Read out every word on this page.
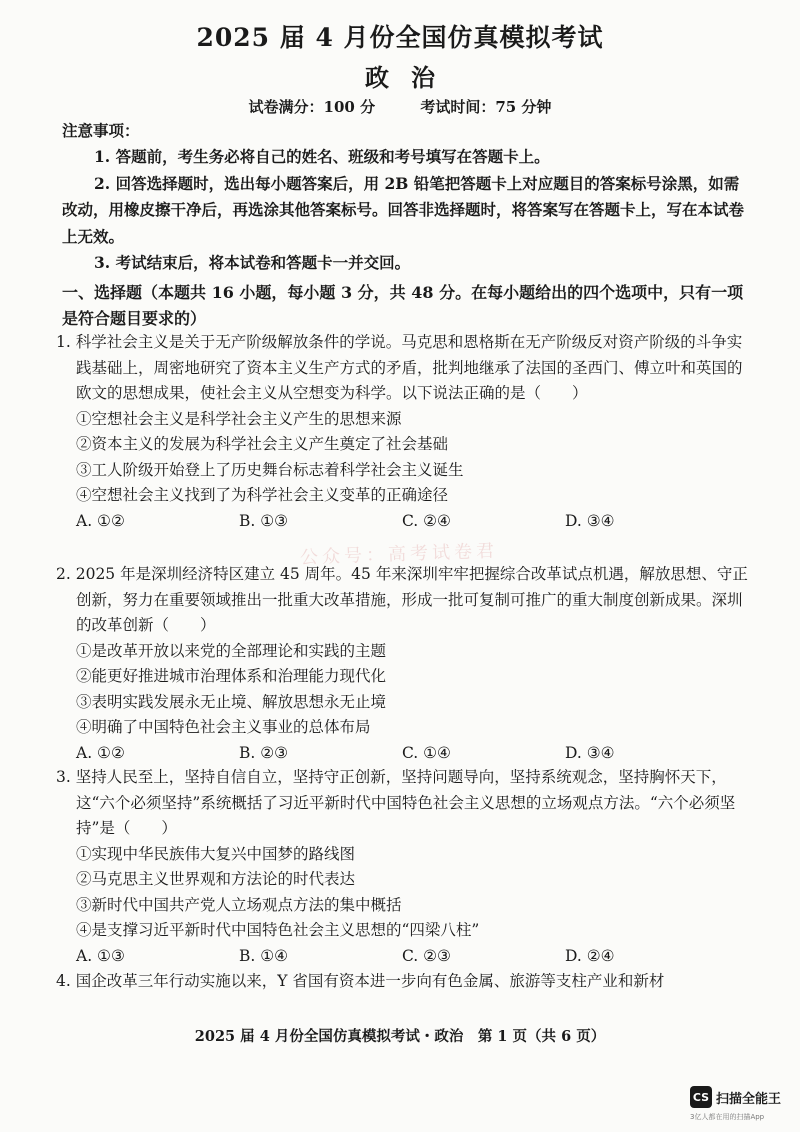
2025 届 4 月份全国仿真模拟考试
政治
试卷满分：100 分	考试时间：75 分钟
注意事项：

1. 答题前，考生务必将自己的姓名、班级和考号填写在答题卡上。

2. 回答选择题时，选出每小题答案后，用 2B 铅笔把答题卡上对应题目的答案标号涂黑，如需改动，用橡皮擦干净后，再选涂其他答案标号。回答非选择题时，将答案写在答题卡上，写在本试卷上无效。

3. 考试结束后，将本试卷和答题卡一并交回。

一、选择题（本题共 16 小题，每小题 3 分，共 48 分。在每小题给出的四个选项中，只有一项是符合题目要求的）

1. 科学社会主义是关于无产阶级解放条件的学说。马克思和恩格斯在无产阶级反对资产阶级的斗争实践基础上，周密地研究了资本主义生产方式的矛盾，批判地继承了法国的圣西门、傅立叶和英国的欧文的思想成果，使社会主义从空想变为科学。以下说法正确的是（　　）

①空想社会主义是科学社会主义产生的思想来源

②资本主义的发展为科学社会主义产生奠定了社会基础

③工人阶级开始登上了历史舞台标志着科学社会主义诞生

④空想社会主义找到了为科学社会主义变革的正确途径

A. ①②	B. ①③	C. ②④	D. ③④
公众号：高考试卷君

2. 2025 年是深圳经济特区建立 45 周年。45 年来深圳牢牢把握综合改革试点机遇，解放思想、守正创新，努力在重要领域推出一批重大改革措施，形成一批可复制可推广的重大制度创新成果。深圳的改革创新（　　）

①是改革开放以来党的全部理论和实践的主题

②能更好推进城市治理体系和治理能力现代化

③表明实践发展永无止境、解放思想永无止境

④明确了中国特色社会主义事业的总体布局

A. ①②	B. ②③	C. ①④	D. ③④

3. 坚持人民至上，坚持自信自立，坚持守正创新，坚持问题导向，坚持系统观念，坚持胸怀天下，这“六个必须坚持”系统概括了习近平新时代中国特色社会主义思想的立场观点方法。“六个必须坚持”是（　　）

①实现中华民族伟大复兴中国梦的路线图

②马克思主义世界观和方法论的时代表达

③新时代中国共产党人立场观点方法的集中概括

④是支撑习近平新时代中国特色社会主义思想的“四梁八柱”

A. ①③	B. ①④	C. ②③	D. ②④

4. 国企改革三年行动实施以来，Y 省国有资本进一步向有色金属、旅游等支柱产业和新材

2025 届 4 月份全国仿真模拟考试・政治　第 1 页（共 6 页）
CS 扫描全能王
3亿人都在用的扫描App
